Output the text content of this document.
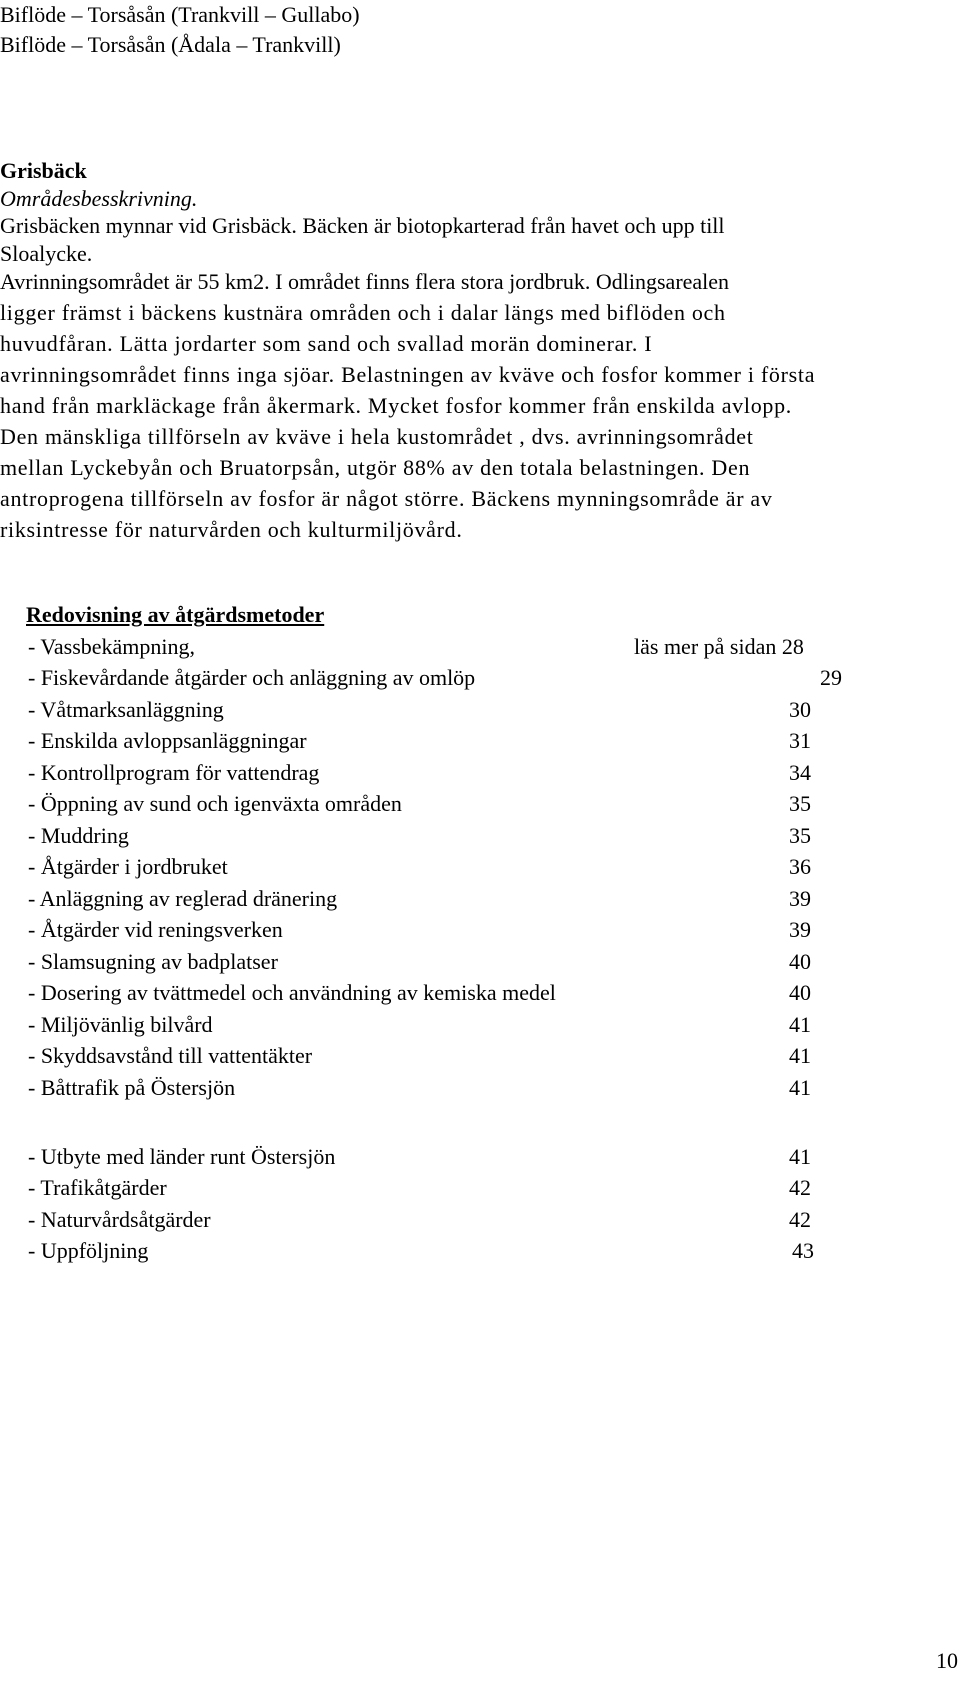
Biflöde – Torsåsån (Trankvill – Gullabo)
Biflöde – Torsåsån (Ådala – Trankvill)
Grisbäck
Områdesbesskrivning.
Grisbäcken mynnar vid Grisbäck. Bäcken är biotopkarterad från havet och upp till
Sloalycke.
Avrinningsområdet är 55 km2. I området finns flera stora jordbruk. Odlingsarealen
ligger främst i bäckens kustnära områden och i dalar längs med biflöden och
huvudfåran. Lätta jordarter som sand och svallad morän dominerar. I
avrinningsområdet finns inga sjöar. Belastningen av kväve och fosfor kommer i första
hand från markläckage från åkermark. Mycket fosfor kommer från enskilda avlopp.
Den mänskliga tillförseln av kväve i hela kustområdet , dvs. avrinningsområdet
mellan Lyckebyån och Bruatorpsån, utgör 88% av den totala belastningen. Den
antroprogena tillförseln av fosfor är något större. Bäckens mynningsområde är av
riksintresse för naturvården och kulturmiljövård.
Redovisning av åtgärdsmetoder
- Vassbekämpning,	läs mer på sidan 28
- Fiskevårdande åtgärder och anläggning av omlöp	29
- Våtmarksanläggning	30
- Enskilda avloppsanläggningar	31
- Kontrollprogram för vattendrag	34
- Öppning av sund och igenväxta områden	35
- Muddring	35
- Åtgärder i jordbruket	36
- Anläggning av reglerad dränering	39
- Åtgärder vid reningsverken	39
- Slamsugning av badplatser	40
- Dosering av tvättmedel och användning av kemiska medel	40
- Miljövänlig bilvård	41
- Skyddsavstånd till vattentäkter	41
- Båttrafik på Östersjön	41
- Utbyte med länder runt Östersjön	41
- Trafikåtgärder	42
- Naturvårdsåtgärder	42
- Uppföljning	43
10
